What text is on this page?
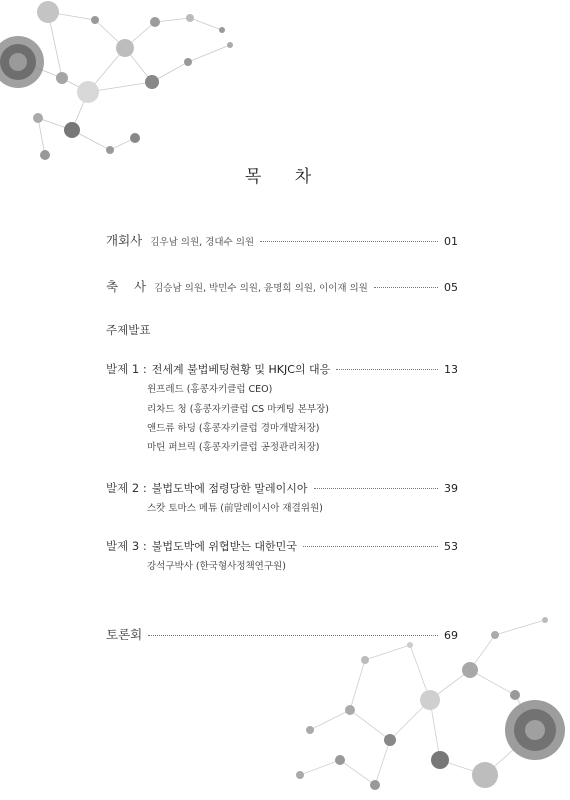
목 차
개회사 김우남 의원, 경대수 의원	01
축 사 김승남 의원, 박민수 의원, 윤명희 의원, 이이재 의원	05
주제발표
발제 1 : 전세계 불법베팅현황 및 HKJC의 대응	13
윈프레드 (홍콩자키클럽 CEO)
리차드 청 (홍콩자키클럽 CS 마케팅 본부장)
앤드류 하딩 (홍콩자키클럽 경마개발처장)
마틴 퍼브릭 (홍콩자키클럽 공정관리처장)
발제 2 : 불법도박에 점령당한 말레이시아	39
스캇 토마스 메튜 (前말레이시아 재결위원)
발제 3 : 불법도박에 위협받는 대한민국	53
강석구박사 (한국형사정책연구원)
토론회	69
